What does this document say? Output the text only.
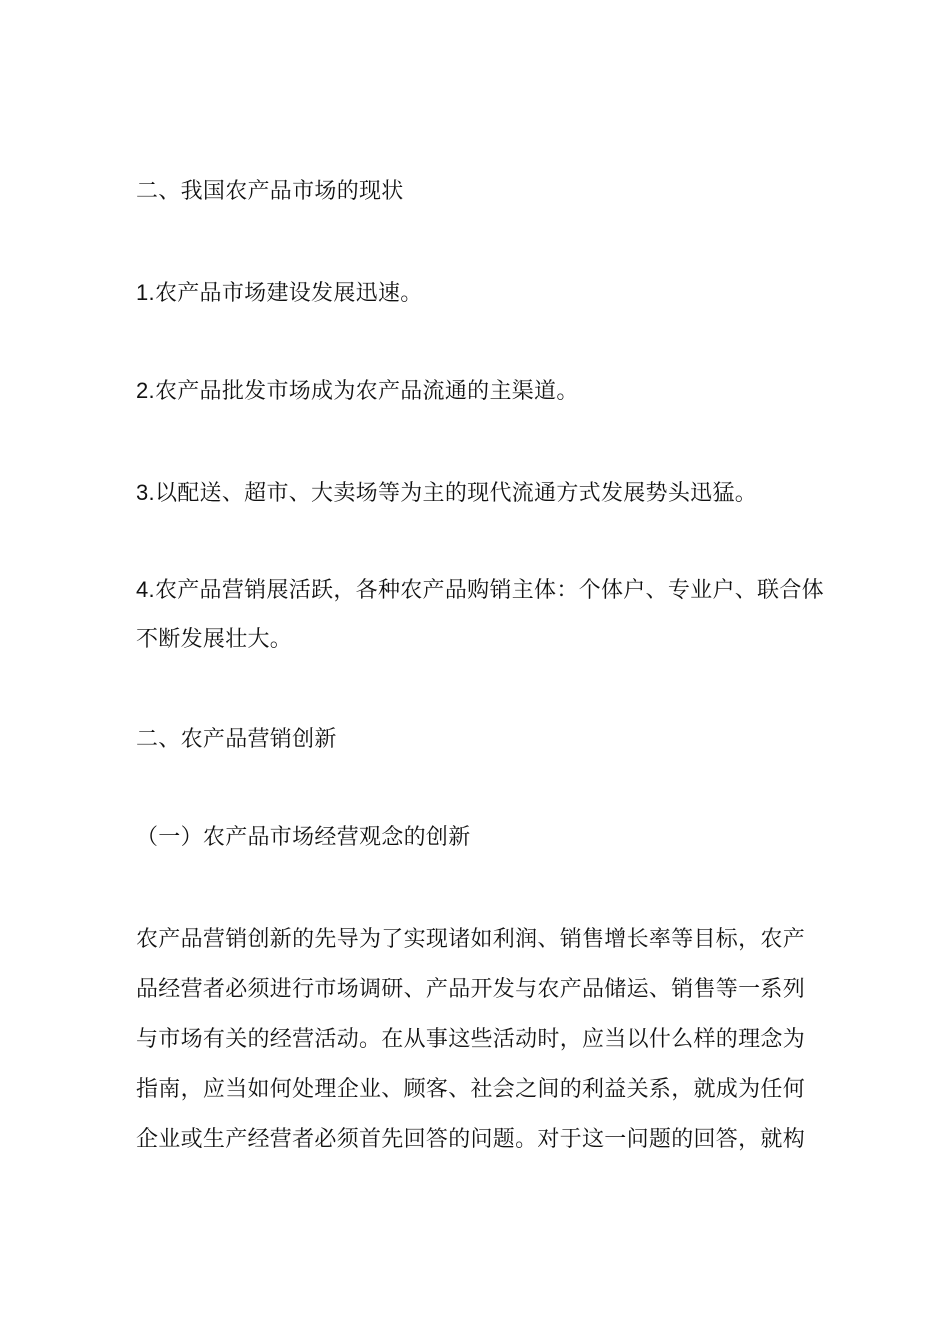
二、我国农产品市场的现状
1.农产品市场建设发展迅速。
2.农产品批发市场成为农产品流通的主渠道。
3.以配送、超市、大卖场等为主的现代流通方式发展势头迅猛。
4.农产品营销展活跃，各种农产品购销主体：个体户、专业户、联合体
不断发展壮大。
二、农产品营销创新
（一）农产品市场经营观念的创新
农产品营销创新的先导为了实现诸如利润、销售增长率等目标，农产
品经营者必须进行市场调研、产品开发与农产品储运、销售等一系列
与市场有关的经营活动。在从事这些活动时，应当以什么样的理念为
指南，应当如何处理企业、顾客、社会之间的利益关系，就成为任何
企业或生产经营者必须首先回答的问题。对于这一问题的回答，就构
